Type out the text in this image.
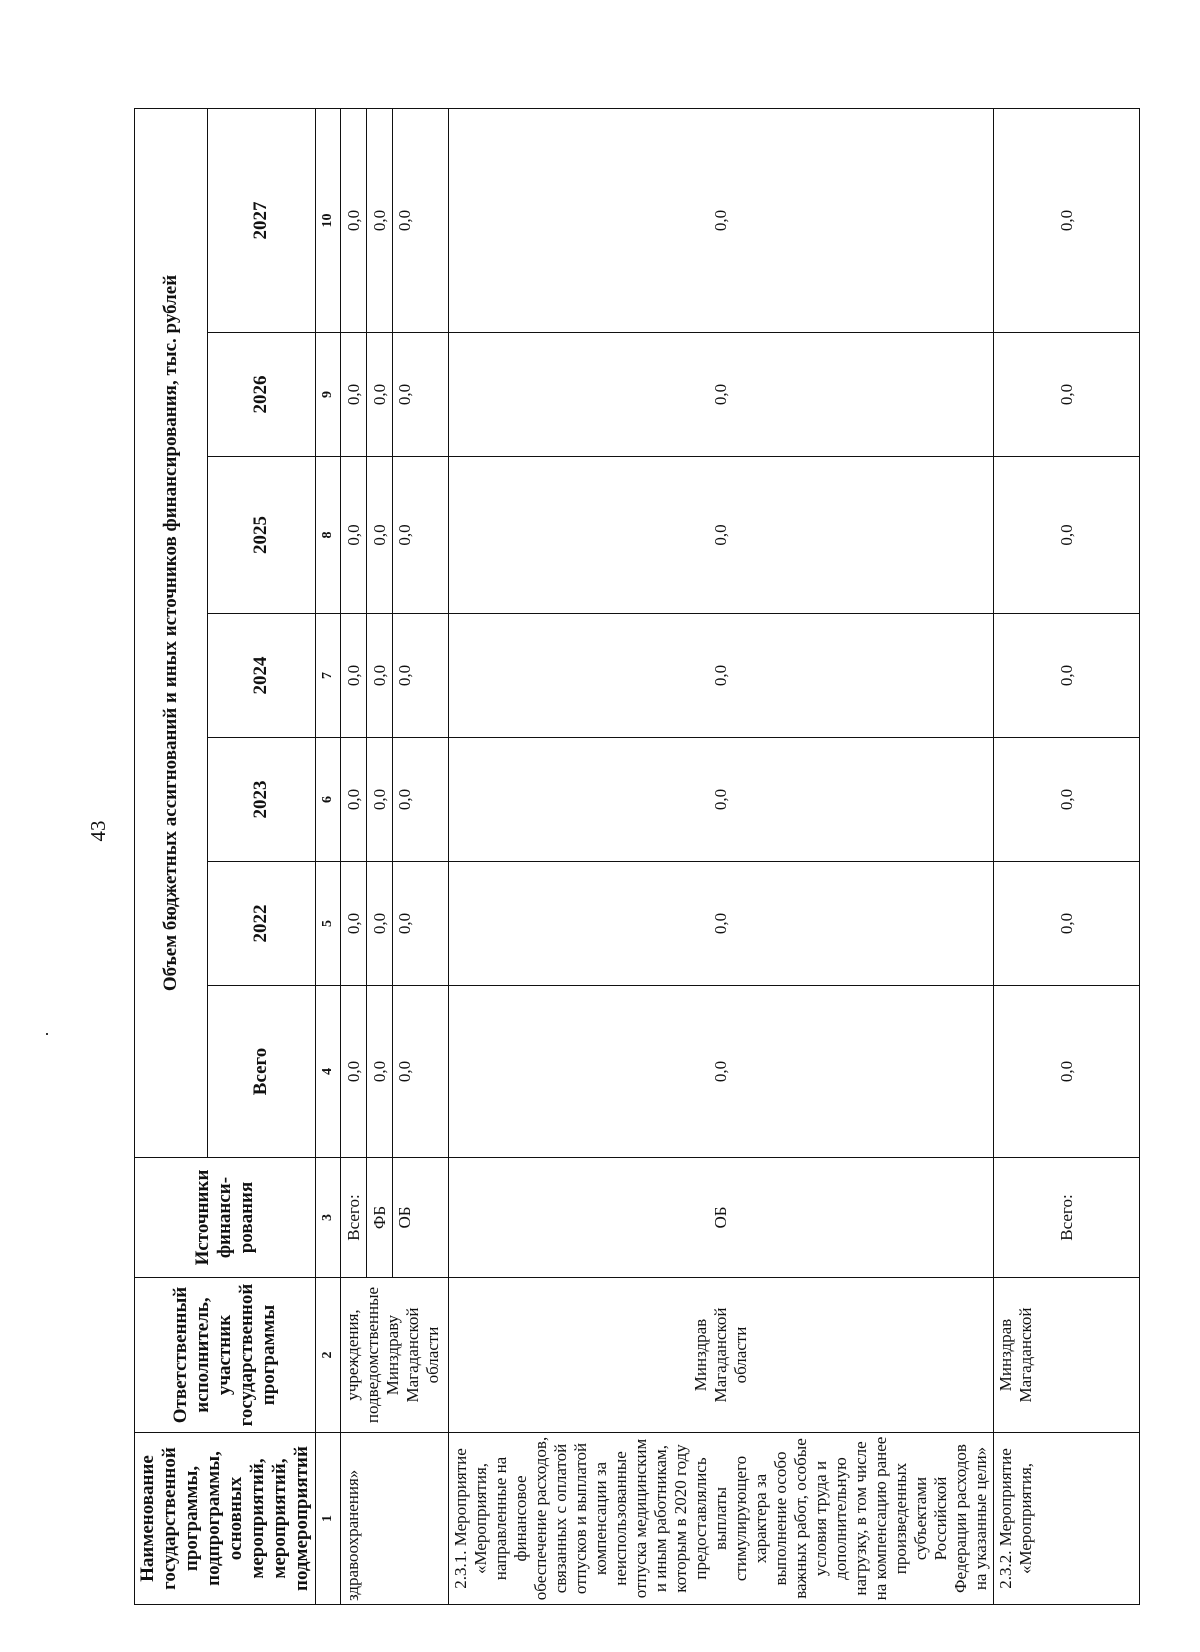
43
Наименование государственной программы, подпрограммы, основных мероприятий, мероприятий, подмероприятий	Ответственный исполнитель, участник государственной программы	Источники финанси-рования	Объем бюджетных ассигнований и иных источников финансирования, тыс. рублей						
			Всего	2022	2023	2024	2025	2026	2027
1	2	3	4	5	6	7	8	9	10
здравоохранения»	учреждения, подведомственные Минздраву Магаданской области	Всего:	0,0	0,0	0,0	0,0	0,0	0,0	0,0
		ФБ	0,0	0,0	0,0	0,0	0,0	0,0	0,0
		ОБ	0,0	0,0	0,0	0,0	0,0	0,0	0,0
2.3.1. Мероприятие «Мероприятия, направленные на финансовое обеспечение расходов, связанных с оплатой отпусков и выплатой компенсации за неиспользованные отпуска медицинским и иным работникам, которым в 2020 году предоставлялись выплаты стимулирующего характера за выполнение особо важных работ, особые условия труда и дополнительную нагрузку, в том числе на компенсацию ранее произведенных субъектами Российской Федерации расходов на указанные цели»	Минздрав Магаданской области	ОБ	0,0	0,0	0,0	0,0	0,0	0,0	0,0
2.3.2. Мероприятие «Мероприятия,	Минздрав Магаданской	Всего:	0,0	0,0	0,0	0,0	0,0	0,0	0,0
